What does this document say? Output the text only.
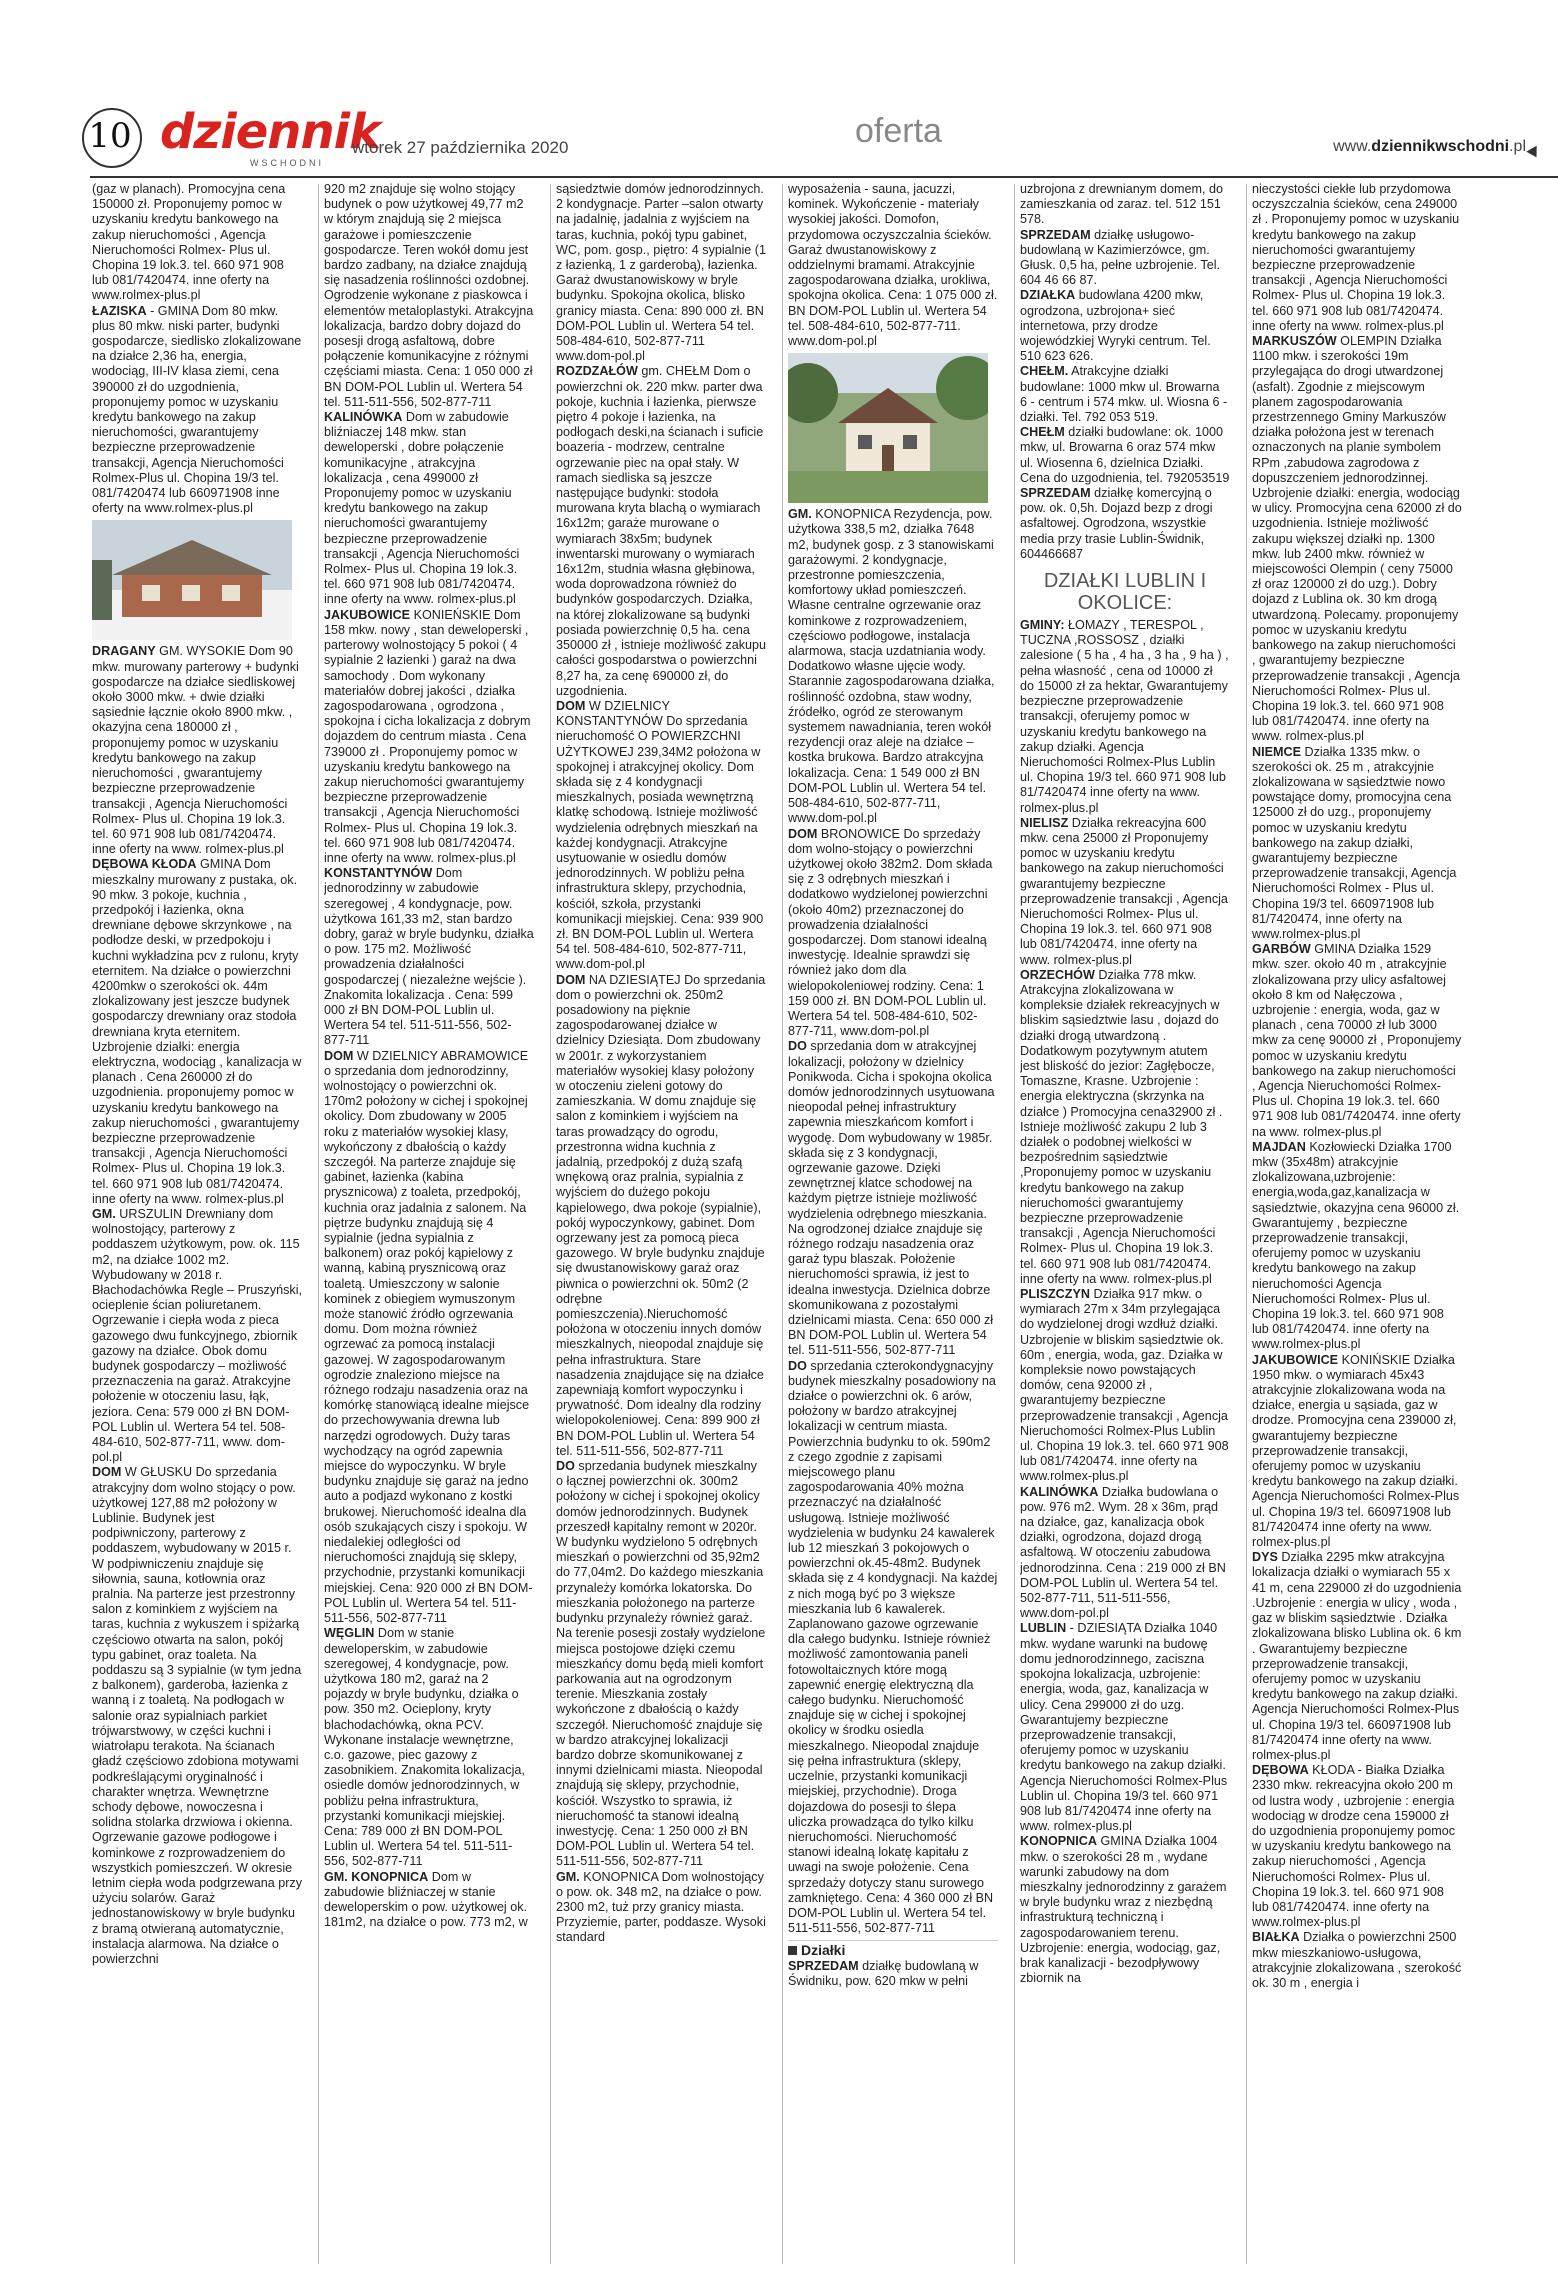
10 dziennik
WSCHODNI
wtorek 27 października 2020	oferta	www.dziennikwschodni.pl

(gaz w planach). Promocyjna cena 150000 zł. Proponujemy pomoc w uzyskaniu kredytu bankowego na zakup nieruchomości , Agencja Nieruchomości Rolmex- Plus ul. Chopina 19 lok.3. tel. 660 971 908 lub 081/7420474. inne oferty na www.rolmex-plus.pl

ŁAZISKA - GMINA Dom 80 mkw. plus 80 mkw. niski parter, budynki gospodarcze, siedlisko zlokalizowane na działce 2,36 ha, energia, wodociąg, III-IV klasa ziemi, cena 390000 zł do uzgodnienia, proponujemy pomoc w uzyskaniu kredytu bankowego na zakup nieruchomości, gwarantujemy bezpieczne przeprowadzenie transakcji, Agencja Nieruchomości Rolmex-Plus ul. Chopina 19/3 tel. 081/7420474 lub 660971908 inne oferty na www.rolmex-plus.pl

DRAGANY GM. WYSOKIE Dom 90 mkw. murowany parterowy + budynki gospodarcze na działce siedliskowej około 3000 mkw. + dwie działki sąsiednie łącznie około 8900 mkw. , okazyjna cena 180000 zł , proponujemy pomoc w uzyskaniu kredytu bankowego na zakup nieruchomości , gwarantujemy bezpieczne przeprowadzenie transakcji , Agencja Nieruchomości Rolmex- Plus ul. Chopina 19 lok.3. tel. 60 971 908 lub 081/7420474. inne oferty na www. rolmex-plus.pl

DĘBOWA KŁODA GMINA Dom mieszkalny murowany z pustaka, ok. 90 mkw. 3 pokoje, kuchnia , przedpokój i łazienka, okna drewniane dębowe skrzynkowe , na podłodze deski, w przedpokoju i kuchni wykładzina pcv z rulonu, kryty eternitem. Na działce o powierzchni 4200mkw o szerokości ok. 44m zlokalizowany jest jeszcze budynek gospodarczy drewniany oraz stodoła drewniana kryta eternitem. Uzbrojenie działki: energia elektryczna, wodociąg , kanalizacja w planach . Cena 260000 zł do uzgodnienia. proponujemy pomoc w uzyskaniu kredytu bankowego na zakup nieruchomości , gwarantujemy bezpieczne przeprowadzenie transakcji , Agencja Nieruchomości Rolmex- Plus ul. Chopina 19 lok.3. tel. 660 971 908 lub 081/7420474. inne oferty na www. rolmex-plus.pl

GM. URSZULIN Drewniany dom wolnostojący, parterowy z poddaszem użytkowym, pow. ok. 115 m2, na działce 1002 m2. Wybudowany w 2018 r. Błachodachówka Regle – Pruszyński, ocieplenie ścian poliuretanem. Ogrzewanie i ciepła woda z pieca gazowego dwu funkcyjnego, zbiornik gazowy na działce. Obok domu budynek gospodarczy – możliwość przeznaczenia na garaż. Atrakcyjne położenie w otoczeniu lasu, łąk, jeziora. Cena: 579 000 zł BN DOM-POL Lublin ul. Wertera 54 tel. 508-484-610, 502-877-711, www. dom-pol.pl

DOM W GŁUSKU Do sprzedania atrakcyjny dom wolno stojący o pow. użytkowej 127,88 m2 położony w Lublinie. Budynek jest podpiwniczony, parterowy z poddaszem, wybudowany w 2015 r. W podpiwniczeniu znajduje się siłownia, sauna, kotłownia oraz pralnia. Na parterze jest przestronny salon z kominkiem z wyjściem na taras, kuchnia z wykuszem i spiżarką częściowo otwarta na salon, pokój typu gabinet, oraz toaleta. Na poddaszu są 3 sypialnie (w tym jedna z balkonem), garderoba, łazienka z wanną i z toaletą. Na podłogach w salonie oraz sypialniach parkiet trójwarstwowy, w części kuchni i wiatrołapu terakota. Na ścianach gładź częściowo zdobiona motywami podkreślającymi oryginalność i charakter wnętrza. Wewnętrzne schody dębowe, nowoczesna i solidna stolarka drzwiowa i okienna. Ogrzewanie gazowe podłogowe i kominkowe z rozprowadzeniem do wszystkich pomieszczeń. W okresie letnim ciepła woda podgrzewana przy użyciu solarów. Garaż jednostanowiskowy w bryle budynku z bramą otwieraną automatycznie, instalacja alarmowa. Na działce o powierzchni

920 m2 znajduje się wolno stojący budynek o pow użytkowej 49,77 m2 w którym znajdują się 2 miejsca garażowe i pomieszczenie gospodarcze. Teren wokół domu jest bardzo zadbany, na działce znajdują się nasadzenia roślinności ozdobnej. Ogrodzenie wykonane z piaskowca i elementów metaloplastyki. Atrakcyjna lokalizacja, bardzo dobry dojazd do posesji drogą asfaltową, dobre połączenie komunikacyjne z różnymi częściami miasta. Cena: 1 050 000 zł BN DOM-POL Lublin ul. Wertera 54 tel. 511-511-556, 502-877-711

KALINÓWKA Dom w zabudowie bliźniaczej 148 mkw. stan deweloperski , dobre połączenie komunikacyjne , atrakcyjna lokalizacja , cena 499000 zł Proponujemy pomoc w uzyskaniu kredytu bankowego na zakup nieruchomości gwarantujemy bezpieczne przeprowadzenie transakcji , Agencja Nieruchomości Rolmex- Plus ul. Chopina 19 lok.3. tel. 660 971 908 lub 081/7420474. inne oferty na www. rolmex-plus.pl

JAKUBOWICE KONIEŃSKIE Dom 158 mkw. nowy , stan deweloperski , parterowy wolnostojący 5 pokoi ( 4 sypialnie 2 łazienki ) garaż na dwa samochody . Dom wykonany materiałów dobrej jakości , działka zagospodarowana , ogrodzona , spokojna i cicha lokalizacja z dobrym dojazdem do centrum miasta . Cena 739000 zł . Proponujemy pomoc w uzyskaniu kredytu bankowego na zakup nieruchomości gwarantujemy bezpieczne przeprowadzenie transakcji , Agencja Nieruchomości Rolmex- Plus ul. Chopina 19 lok.3. tel. 660 971 908 lub 081/7420474. inne oferty na www. rolmex-plus.pl

KONSTANTYNÓW Dom jednorodzinny w zabudowie szeregowej , 4 kondygnacje, pow. użytkowa 161,33 m2, stan bardzo dobry, garaż w bryle budynku, działka o pow. 175 m2. Możliwość prowadzenia działalności gospodarczej ( niezależne wejście ). Znakomita lokalizacja . Cena: 599 000 zł BN DOM-POL Lublin ul. Wertera 54 tel. 511-511-556, 502-877-711

DOM W DZIELNICY ABRAMOWICE o sprzedania dom jednorodzinny, wolnostojący o powierzchni ok. 170m2 położony w cichej i spokojnej okolicy. Dom zbudowany w 2005 roku z materiałów wysokiej klasy, wykończony z dbałością o każdy szczegół. Na parterze znajduje się gabinet, łazienka (kabina prysznicowa) z toaleta, przedpokój, kuchnia oraz jadalnia z salonem. Na piętrze budynku znajdują się 4 sypialnie (jedna sypialnia z balkonem) oraz pokój kąpielowy z wanną, kabiną prysznicową oraz toaletą. Umieszczony w salonie kominek z obiegiem wymuszonym może stanowić źródło ogrzewania domu. Dom można również ogrzewać za pomocą instalacji gazowej. W zagospodarowanym ogrodzie znaleziono miejsce na różnego rodzaju nasadzenia oraz na komórkę stanowiącą idealne miejsce do przechowywania drewna lub narzędzi ogrodowych. Duży taras wychodzący na ogród zapewnia miejsce do wypoczynku. W bryle budynku znajduje się garaż na jedno auto a podjazd wykonano z kostki brukowej. Nieruchomość idealna dla osób szukających ciszy i spokoju. W niedalekiej odległości od nieruchomości znajdują się sklepy, przychodnie, przystanki komunikacji miejskiej. Cena: 920 000 zł BN DOM-POL Lublin ul. Wertera 54 tel. 511-511-556, 502-877-711

WĘGLIN Dom w stanie deweloperskim, w zabudowie szeregowej, 4 kondygnacje, pow. użytkowa 180 m2, garaż na 2 pojazdy w bryle budynku, działka o pow. 350 m2. Ocieplony, kryty blachodachówką, okna PCV. Wykonane instalacje wewnętrzne, c.o. gazowe, piec gazowy z zasobnikiem. Znakomita lokalizacja, osiedle domów jednorodzinnych, w pobliżu pełna infrastruktura, przystanki komunikacji miejskiej. Cena: 789 000 zł BN DOM-POL Lublin ul. Wertera 54 tel. 511-511-556, 502-877-711

GM. KONOPNICA Dom w zabudowie bliźniaczej w stanie deweloperskim o pow. użytkowej ok. 181m2, na działce o pow. 773 m2, w

sąsiedztwie domów jednorodzinnych. 2 kondygnacje. Parter –salon otwarty na jadalnię, jadalnia z wyjściem na taras, kuchnia, pokój typu gabinet, WC, pom. gosp., piętro: 4 sypialnie (1 z łazienką, 1 z garderobą), łazienka. Garaż dwustanowiskowy w bryle budynku. Spokojna okolica, blisko granicy miasta. Cena: 890 000 zł. BN DOM-POL Lublin ul. Wertera 54 tel. 508-484-610, 502-877-711 www.dom-pol.pl

ROZDZAŁÓW gm. CHEŁM Dom o powierzchni ok. 220 mkw. parter dwa pokoje, kuchnia i łazienka, pierwsze piętro 4 pokoje i łazienka, na podłogach deski,na ścianach i suficie boazeria - modrzew, centralne ogrzewanie piec na opał stały. W ramach siedliska są jeszcze następujące budynki: stodoła murowana kryta blachą o wymiarach 16x12m; garaże murowane o wymiarach 38x5m; budynek inwentarski murowany o wymiarach 16x12m, studnia własna głębinowa, woda doprowadzona również do budynków gospodarczych. Działka, na której zlokalizowane są budynki posiada powierzchnię 0,5 ha. cena 350000 zł , istnieje możliwość zakupu całości gospodarstwa o powierzchni 8,27 ha, za cenę 690000 zł, do uzgodnienia.

DOM W DZIELNICY KONSTANTYNÓW Do sprzedania nieruchomość O POWIERZCHNI UŻYTKOWEJ 239,34M2 położona w spokojnej i atrakcyjnej okolicy. Dom składa się z 4 kondygnacji mieszkalnych, posiada wewnętrzną klatkę schodową. Istnieje możliwość wydzielenia odrębnych mieszkań na każdej kondygnacji. Atrakcyjne usytuowanie w osiedlu domów jednorodzinnych. W pobliżu pełna infrastruktura sklepy, przychodnia, kościół, szkoła, przystanki komunikacji miejskiej. Cena: 939 900 zł. BN DOM-POL Lublin ul. Wertera 54 tel. 508-484-610, 502-877-711, www.dom-pol.pl

DOM NA DZIESIĄTEJ Do sprzedania dom o powierzchni ok. 250m2 posadowiony na pięknie zagospodarowanej działce w dzielnicy Dziesiąta. Dom zbudowany w 2001r. z wykorzystaniem materiałów wysokiej klasy położony w otoczeniu zieleni gotowy do zamieszkania. W domu znajduje się salon z kominkiem i wyjściem na taras prowadzący do ogrodu, przestronna widna kuchnia z jadalnią, przedpokój z dużą szafą wnękową oraz pralnia, sypialnia z wyjściem do dużego pokoju kąpielowego, dwa pokoje (sypialnie), pokój wypoczynkowy, gabinet. Dom ogrzewany jest za pomocą pieca gazowego. W bryle budynku znajduje się dwustanowiskowy garaż oraz piwnica o powierzchni ok. 50m2 (2 odrębne pomieszczenia).Nieruchomość położona w otoczeniu innych domów mieszkalnych, nieopodal znajduje się pełna infrastruktura. Stare nasadzenia znajdujące się na działce zapewniają komfort wypoczynku i prywatność. Dom idealny dla rodziny wielopokoleniowej. Cena: 899 900 zł BN DOM-POL Lublin ul. Wertera 54 tel. 511-511-556, 502-877-711

DO sprzedania budynek mieszkalny o łącznej powierzchni ok. 300m2 położony w cichej i spokojnej okolicy domów jednorodzinnych. Budynek przeszedł kapitalny remont w 2020r. W budynku wydzielono 5 odrębnych mieszkań o powierzchni od 35,92m2 do 77,04m2. Do każdego mieszkania przynależy komórka lokatorska. Do mieszkania położonego na parterze budynku przynależy również garaż. Na terenie posesji zostały wydzielone miejsca postojowe dzięki czemu mieszkańcy domu będą mieli komfort parkowania aut na ogrodzonym terenie. Mieszkania zostały wykończone z dbałością o każdy szczegół. Nieruchomość znajduje się w bardzo atrakcyjnej lokalizacji bardzo dobrze skomunikowanej z innymi dzielnicami miasta. Nieopodal znajdują się sklepy, przychodnie, kościół. Wszystko to sprawia, iż nieruchomość ta stanowi idealną inwestycję. Cena: 1 250 000 zł BN DOM-POL Lublin ul. Wertera 54 tel. 511-511-556, 502-877-711

GM. KONOPNICA Dom wolnostojący o pow. ok. 348 m2, na działce o pow. 2300 m2, tuż przy granicy miasta. Przyziemie, parter, poddasze. Wysoki standard

wyposażenia - sauna, jacuzzi, kominek. Wykończenie - materiały wysokiej jakości. Domofon, przydomowa oczyszczalnia ścieków. Garaż dwustanowiskowy z oddzielnymi bramami. Atrakcyjnie zagospodarowana działka, urokliwa, spokojna okolica. Cena: 1 075 000 zł. BN DOM-POL Lublin ul. Wertera 54 tel. 508-484-610, 502-877-711. www.dom-pol.pl

GM. KONOPNICA Rezydencja, pow. użytkowa 338,5 m2, działka 7648 m2, budynek gosp. z 3 stanowiskami garażowymi. 2 kondygnacje, przestronne pomieszczenia, komfortowy układ pomieszczeń. Własne centralne ogrzewanie oraz kominkowe z rozprowadzeniem, częściowo podłogowe, instalacja alarmowa, stacja uzdatniania wody. Dodatkowo własne ujęcie wody. Starannie zagospodarowana działka, roślinność ozdobna, staw wodny, źródełko, ogród ze sterowanym systemem nawadniania, teren wokół rezydencji oraz aleje na działce – kostka brukowa. Bardzo atrakcyjna lokalizacja. Cena: 1 549 000 zł BN DOM-POL Lublin ul. Wertera 54 tel. 508-484-610, 502-877-711, www.dom-pol.pl

DOM BRONOWICE Do sprzedaży dom wolno-stojący o powierzchni użytkowej około 382m2. Dom składa się z 3 odrębnych mieszkań i dodatkowo wydzielonej powierzchni (około 40m2) przeznaczonej do prowadzenia działalności gospodarczej. Dom stanowi idealną inwestycję. Idealnie sprawdzi się również jako dom dla wielopokoleniowej rodziny. Cena: 1 159 000 zł. BN DOM-POL Lublin ul. Wertera 54 tel. 508-484-610, 502-877-711, www.dom-pol.pl

DO sprzedania dom w atrakcyjnej lokalizacji, położony w dzielnicy Ponikwoda. Cicha i spokojna okolica domów jednorodzinnych usytuowana nieopodal pełnej infrastruktury zapewnia mieszkańcom komfort i wygodę. Dom wybudowany w 1985r. składa się z 3 kondygnacji, ogrzewanie gazowe. Dzięki zewnętrznej klatce schodowej na każdym piętrze istnieje możliwość wydzielenia odrębnego mieszkania. Na ogrodzonej działce znajduje się różnego rodzaju nasadzenia oraz garaż typu blaszak. Położenie nieruchomości sprawia, iż jest to idealna inwestycja. Dzielnica dobrze skomunikowana z pozostałymi dzielnicami miasta. Cena: 650 000 zł BN DOM-POL Lublin ul. Wertera 54 tel. 511-511-556, 502-877-711

DO sprzedania czterokondygnacyjny budynek mieszkalny posadowiony na działce o powierzchni ok. 6 arów, położony w bardzo atrakcyjnej lokalizacji w centrum miasta. Powierzchnia budynku to ok. 590m2 z czego zgodnie z zapisami miejscowego planu zagospodarowania 40% można przeznaczyć na działalność usługową. Istnieje możliwość wydzielenia w budynku 24 kawalerek lub 12 mieszkań 3 pokojowych o powierzchni ok.45-48m2. Budynek składa się z 4 kondygnacji. Na każdej z nich mogą być po 3 większe mieszkania lub 6 kawalerek. Zaplanowano gazowe ogrzewanie dla całego budynku. Istnieje również możliwość zamontowania paneli fotowoltaicznych które mogą zapewnić energię elektryczną dla całego budynku. Nieruchomość znajduje się w cichej i spokojnej okolicy w środku osiedla mieszkalnego. Nieopodal znajduje się pełna infrastruktura (sklepy, uczelnie, przystanki komunikacji miejskiej, przychodnie). Droga dojazdowa do posesji to ślepa uliczka prowadząca do tylko kilku nieruchomości. Nieruchomość stanowi idealną lokatę kapitału z uwagi na swoje położenie. Cena sprzedaży dotyczy stanu surowego zamkniętego. Cena: 4 360 000 zł BN DOM-POL Lublin ul. Wertera 54 tel. 511-511-556, 502-877-711

Działki

SPRZEDAM działkę budowlaną w Świdniku, pow. 620 mkw w pełni

uzbrojona z drewnianym domem, do zamieszkania od zaraz. tel. 512 151 578.

SPRZEDAM działkę usługowo-budowlaną w Kazimierzówce, gm. Głusk. 0,5 ha, pełne uzbrojenie. Tel. 604 46 66 87.

DZIAŁKA budowlana 4200 mkw, ogrodzona, uzbrojona+ sieć internetowa, przy drodze wojewódzkiej Wyryki centrum. Tel. 510 623 626.

CHEŁM. Atrakcyjne działki budowlane: 1000 mkw ul. Browarna 6 - centrum i 574 mkw. ul. Wiosna 6 - działki. Tel. 792 053 519.

CHEŁM działki budowlane: ok. 1000 mkw, ul. Browarna 6 oraz 574 mkw ul. Wiosenna 6, dzielnica Działki. Cena do uzgodnienia, tel. 792053519

SPRZEDAM działkę komercyjną o pow. ok. 0,5h. Dojazd bezp z drogi asfaltowej. Ogrodzona, wszystkie media przy trasie Lublin-Świdnik, 604466687

DZIAŁKI LUBLIN I OKOLICE:

GMINY: ŁOMAZY , TERESPOL , TUCZNA ,ROSSOSZ , działki zalesione ( 5 ha , 4 ha , 3 ha , 9 ha ) , pełna własność , cena od 10000 zł do 15000 zł za hektar, Gwarantujemy bezpieczne przeprowadzenie transakcji, oferujemy pomoc w uzyskaniu kredytu bankowego na zakup działki. Agencja Nieruchomości Rolmex-Plus Lublin ul. Chopina 19/3 tel. 660 971 908 lub 81/7420474 inne oferty na www. rolmex-plus.pl

NIELISZ Działka rekreacyjna 600 mkw. cena 25000 zł Proponujemy pomoc w uzyskaniu kredytu bankowego na zakup nieruchomości gwarantujemy bezpieczne przeprowadzenie transakcji , Agencja Nieruchomości Rolmex- Plus ul. Chopina 19 lok.3. tel. 660 971 908 lub 081/7420474. inne oferty na www. rolmex-plus.pl

ORZECHÓW Działka 778 mkw. Atrakcyjna zlokalizowana w kompleksie działek rekreacyjnych w bliskim sąsiedztwie lasu , dojazd do działki drogą utwardzoną . Dodatkowym pozytywnym atutem jest bliskość do jezior: Zagłębocze, Tomaszne, Krasne. Uzbrojenie : energia elektryczna (skrzynka na działce ) Promocyjna cena32900 zł . Istnieje możliwość zakupu 2 lub 3 działek o podobnej wielkości w bezpośrednim sąsiedztwie ,Proponujemy pomoc w uzyskaniu kredytu bankowego na zakup nieruchomości gwarantujemy bezpieczne przeprowadzenie transakcji , Agencja Nieruchomości Rolmex- Plus ul. Chopina 19 lok.3. tel. 660 971 908 lub 081/7420474. inne oferty na www. rolmex-plus.pl

PLISZCZYN Działka 917 mkw. o wymiarach 27m x 34m przylegająca do wydzielonej drogi wzdłuż działki. Uzbrojenie w bliskim sąsiedztwie ok. 60m , energia, woda, gaz. Działka w kompleksie nowo powstających domów, cena 92000 zł , gwarantujemy bezpieczne przeprowadzenie transakcji , Agencja Nieruchomości Rolmex-Plus Lublin ul. Chopina 19 lok.3. tel. 660 971 908 lub 081/7420474. inne oferty na www.rolmex-plus.pl

KALINÓWKA Działka budowlana o pow. 976 m2. Wym. 28 x 36m, prąd na działce, gaz, kanalizacja obok działki, ogrodzona, dojazd drogą asfaltową. W otoczeniu zabudowa jednorodzinna. Cena : 219 000 zł BN DOM-POL Lublin ul. Wertera 54 tel. 502-877-711, 511-511-556, www.dom-pol.pl

LUBLIN - DZIESIĄTA Działka 1040 mkw. wydane warunki na budowę domu jednorodzinnego, zaciszna spokojna lokalizacja, uzbrojenie: energia, woda, gaz, kanalizacja w ulicy. Cena 299000 zł do uzg. Gwarantujemy bezpieczne przeprowadzenie transakcji, oferujemy pomoc w uzyskaniu kredytu bankowego na zakup działki. Agencja Nieruchomości Rolmex-Plus Lublin ul. Chopina 19/3 tel. 660 971 908 lub 81/7420474 inne oferty na www. rolmex-plus.pl

KONOPNICA GMINA Działka 1004 mkw. o szerokości 28 m , wydane warunki zabudowy na dom mieszkalny jednorodzinny z garażem w bryle budynku wraz z niezbędną infrastrukturą techniczną i zagospodarowaniem terenu. Uzbrojenie: energia, wodociąg, gaz, brak kanalizacji - bezodpływowy zbiornik na

nieczystości ciekłe lub przydomowa oczyszczalnia ścieków, cena 249000 zł . Proponujemy pomoc w uzyskaniu kredytu bankowego na zakup nieruchomości gwarantujemy bezpieczne przeprowadzenie transakcji , Agencja Nieruchomości Rolmex- Plus ul. Chopina 19 lok.3. tel. 660 971 908 lub 081/7420474. inne oferty na www. rolmex-plus.pl

MARKUSZÓW OLEMPIN Działka 1100 mkw. i szerokości 19m przylegająca do drogi utwardzonej (asfalt). Zgodnie z miejscowym planem zagospodarowania przestrzennego Gminy Markuszów działka położona jest w terenach oznaczonych na planie symbolem RPm ,zabudowa zagrodowa z dopuszczeniem jednorodzinnej. Uzbrojenie działki: energia, wodociąg w ulicy. Promocyjna cena 62000 zł do uzgodnienia. Istnieje możliwość zakupu większej działki np. 1300 mkw. lub 2400 mkw. również w miejscowości Olempin ( ceny 75000 zł oraz 120000 zł do uzg.). Dobry dojazd z Lublina ok. 30 km drogą utwardzoną. Polecamy. proponujemy pomoc w uzyskaniu kredytu bankowego na zakup nieruchomości , gwarantujemy bezpieczne przeprowadzenie transakcji , Agencja Nieruchomości Rolmex- Plus ul. Chopina 19 lok.3. tel. 660 971 908 lub 081/7420474. inne oferty na www. rolmex-plus.pl

NIEMCE Działka 1335 mkw. o szerokości ok. 25 m , atrakcyjnie zlokalizowana w sąsiedztwie nowo powstające domy, promocyjna cena 125000 zł do uzg., proponujemy pomoc w uzyskaniu kredytu bankowego na zakup działki, gwarantujemy bezpieczne przeprowadzenie transakcji, Agencja Nieruchomości Rolmex - Plus ul. Chopina 19/3 tel. 660971908 lub 81/7420474, inne oferty na www.rolmex-plus.pl

GARBÓW GMINA Działka 1529 mkw. szer. około 40 m , atrakcyjnie zlokalizowana przy ulicy asfaltowej około 8 km od Nałęczowa , uzbrojenie : energia, woda, gaz w planach , cena 70000 zł lub 3000 mkw za cenę 90000 zł , Proponujemy pomoc w uzyskaniu kredytu bankowego na zakup nieruchomości , Agencja Nieruchomości Rolmex- Plus ul. Chopina 19 lok.3. tel. 660 971 908 lub 081/7420474. inne oferty na www. rolmex-plus.pl

MAJDAN Kozłowiecki Działka 1700 mkw (35x48m) atrakcyjnie zlokalizowana,uzbrojenie: energia,woda,gaz,kanalizacja w sąsiedztwie, okazyjna cena 96000 zł. Gwarantujemy , bezpieczne przeprowadzenie transakcji, oferujemy pomoc w uzyskaniu kredytu bankowego na zakup nieruchomości Agencja Nieruchomości Rolmex- Plus ul. Chopina 19 lok.3. tel. 660 971 908 lub 081/7420474. inne oferty na www.rolmex-plus.pl

JAKUBOWICE KONIŃSKIE Działka 1950 mkw. o wymiarach 45x43 atrakcyjnie zlokalizowana woda na działce, energia u sąsiada, gaz w drodze. Promocyjna cena 239000 zł, gwarantujemy bezpieczne przeprowadzenie transakcji, oferujemy pomoc w uzyskaniu kredytu bankowego na zakup działki. Agencja Nieruchomości Rolmex-Plus ul. Chopina 19/3 tel. 660971908 lub 81/7420474 inne oferty na www. rolmex-plus.pl

DYS Działka 2295 mkw atrakcyjna lokalizacja działki o wymiarach 55 x 41 m, cena 229000 zł do uzgodnienia .Uzbrojenie : energia w ulicy , woda , gaz w bliskim sąsiedztwie . Działka zlokalizowana blisko Lublina ok. 6 km . Gwarantujemy bezpieczne przeprowadzenie transakcji, oferujemy pomoc w uzyskaniu kredytu bankowego na zakup działki. Agencja Nieruchomości Rolmex-Plus ul. Chopina 19/3 tel. 660971908 lub 81/7420474 inne oferty na www. rolmex-plus.pl

DĘBOWA KŁODA - Białka Działka 2330 mkw. rekreacyjna około 200 m od lustra wody , uzbrojenie : energia wodociąg w drodze cena 159000 zł do uzgodnienia proponujemy pomoc w uzyskaniu kredytu bankowego na zakup nieruchomości , Agencja Nieruchomości Rolmex- Plus ul. Chopina 19 lok.3. tel. 660 971 908 lub 081/7420474. inne oferty na www.rolmex-plus.pl

BIAŁKA Działka o powierzchni 2500 mkw mieszkaniowo-usługowa, atrakcyjnie zlokalizowana , szerokość ok. 30 m , energia i
